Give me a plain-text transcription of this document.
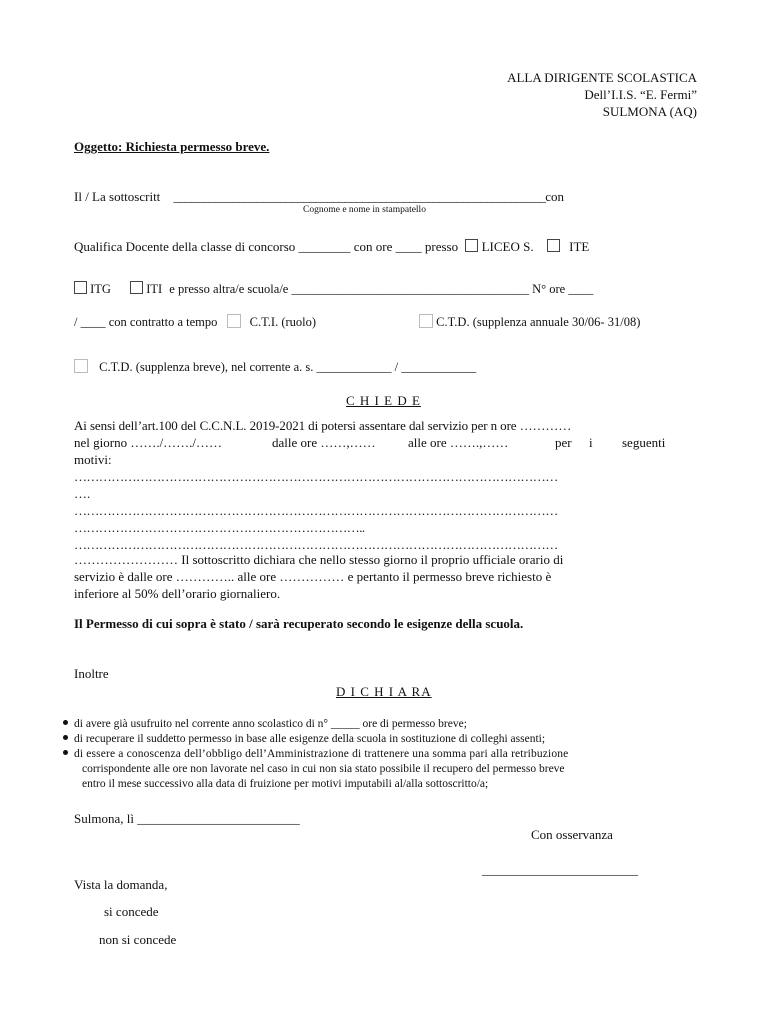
ALLA DIRIGENTE SCOLASTICA
Dell’I.I.S. “E. Fermi”
SULMONA (AQ)
Oggetto: Richiesta permesso breve.
Il / La sottoscritt _______________________________________________________________con
Cognome e nome in stampatello
Qualifica Docente della classe di concorso ________ con ore ____ presso LICEO S.	ITE
ITG	ITI e presso altra/e scuola/e ______________________________________ N° ore ____
/ ____ con contratto a tempo	C.T.I. (ruolo)	C.T.D. (supplenza annuale 30/06- 31/08)
C.T.D. (supplenza breve), nel corrente a. s. ____________ / ____________
C H I E D E
Ai sensi dell’art.100 del C.C.N.L. 2019-2021 di potersi assentare dal servizio per n ore …………
nel giorno ……./……./……	dalle ore ……,…… alle ore …….,……	per i seguenti
motivi:
………………………………………………………………………………………………………
….
………………………………………………………………………………………………………
……………………………………………………………..
………………………………………………………………………………………………………
…………………… Il sottoscritto dichiara che nello stesso giorno il proprio ufficiale orario di
servizio è dalle ore ………….. alle ore …………… e pertanto il permesso breve richiesto è
inferiore al 50% dell’orario giornaliero.
Il Permesso di cui sopra è stato / sarà recuperato secondo le esigenze della scuola.
Inoltre
D I C H I A RA
di avere già usufruito nel corrente anno scolastico di n° _____ ore di permesso breve;
di recuperare il suddetto permesso in base alle esigenze della scuola in sostituzione di colleghi assenti;
di essere a conoscenza dell’obbligo dell’Amministrazione di trattenere una somma pari alla retribuzione
corrispondente alle ore non lavorate nel caso in cui non sia stato possibile il recupero del permesso breve
entro il mese successivo alla data di fruizione per motivi imputabili al/alla sottoscritto/a;
Sulmona, lì _________________________
Con osservanza
________________________
Vista la domanda,
si concede
non si concede
